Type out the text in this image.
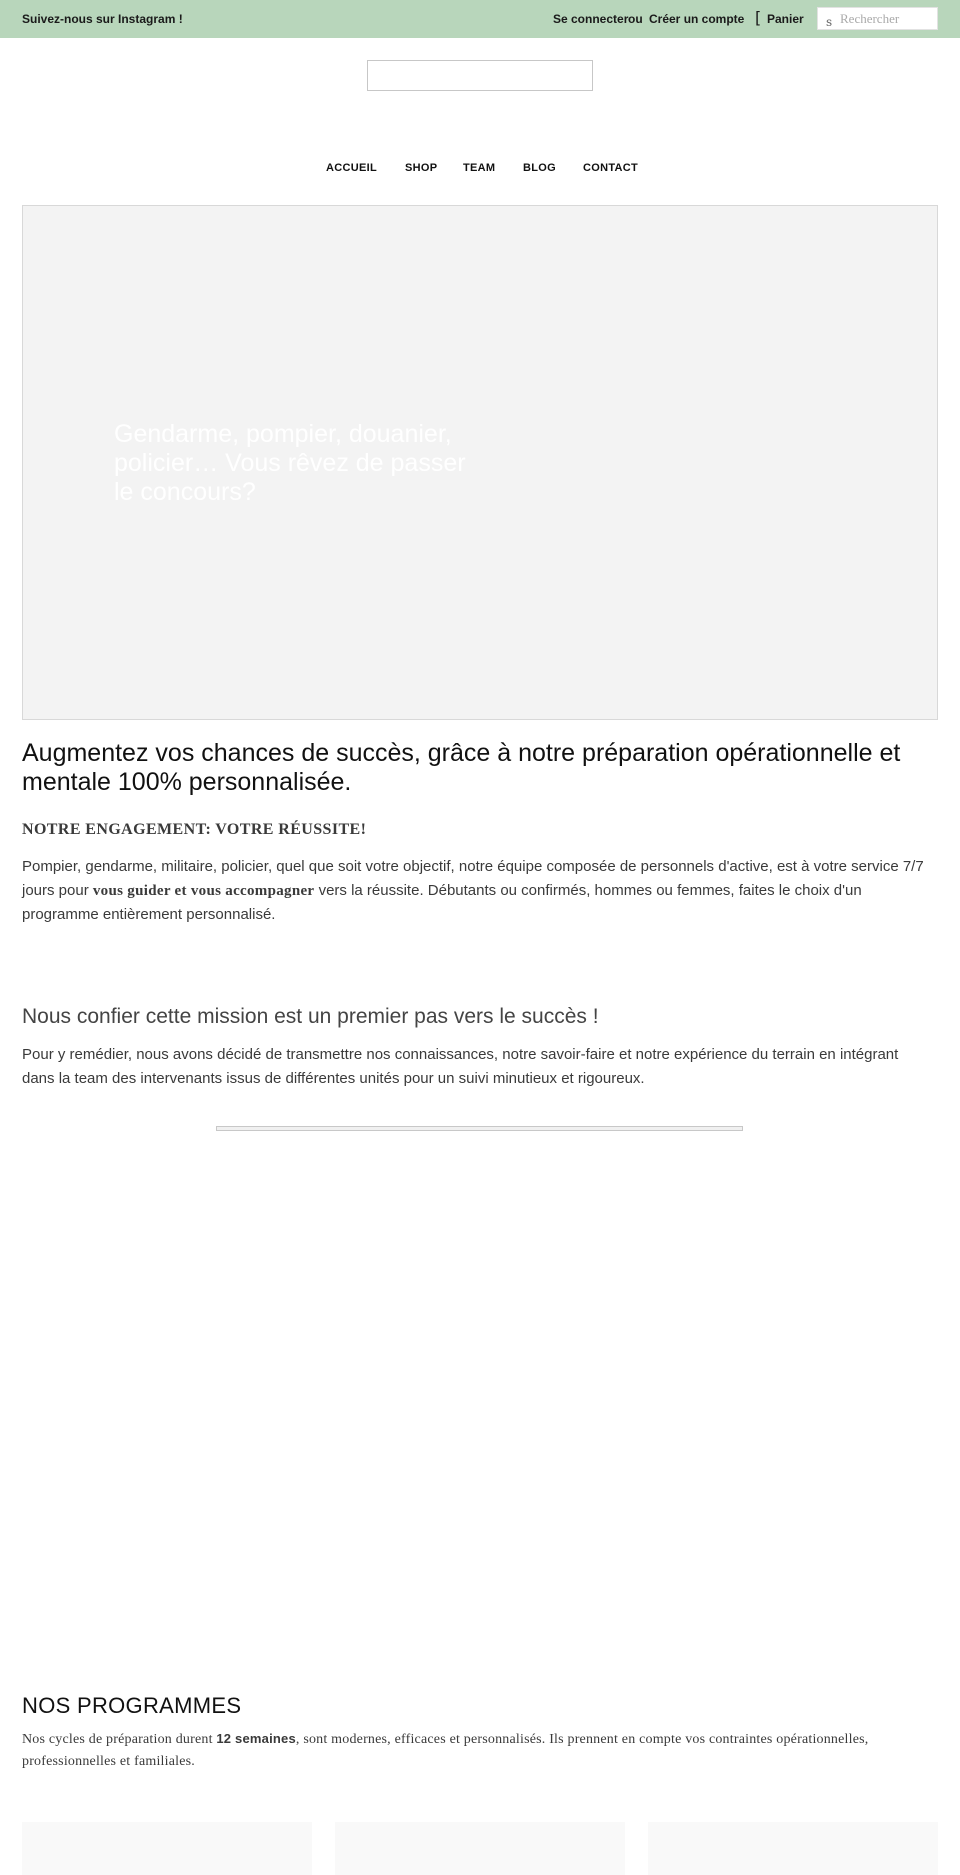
Suivez-nous sur Instagram !	Se connecter ou Créer un compte [ Panier s
Rechercher
ACCUEIL	SHOP TEAM	BLOG CONTACT
Gendarme, pompier, douanier, policier… Vous rêvez de passer le concours?
Augmentez vos chances de succès, grâce à notre préparation opérationnelle et mentale 100% personnalisée.
NOTRE ENGAGEMENT: VOTRE RÉUSSITE!

Pompier, gendarme, militaire, policier, quel que soit votre objectif, notre équipe composée de personnels d'active, est à votre service 7/7 jours pour vous guider et vous accompagner vers la réussite. Débutants ou confirmés, hommes ou femmes, faites le choix d'un programme entièrement personnalisé.

Nous confier cette mission est un premier pas vers le succès !

Pour y remédier, nous avons décidé de transmettre nos connaissances, notre savoir-faire et notre expérience du terrain en intégrant dans la team des intervenants issus de différentes unités pour un suivi minutieux et rigoureux.

NOS PROGRAMMES

Nos cycles de préparation durent 12 semaines, sont modernes, efficaces et personnalisés. Ils prennent en compte vos contraintes opérationnelles, professionnelles et familiales.
